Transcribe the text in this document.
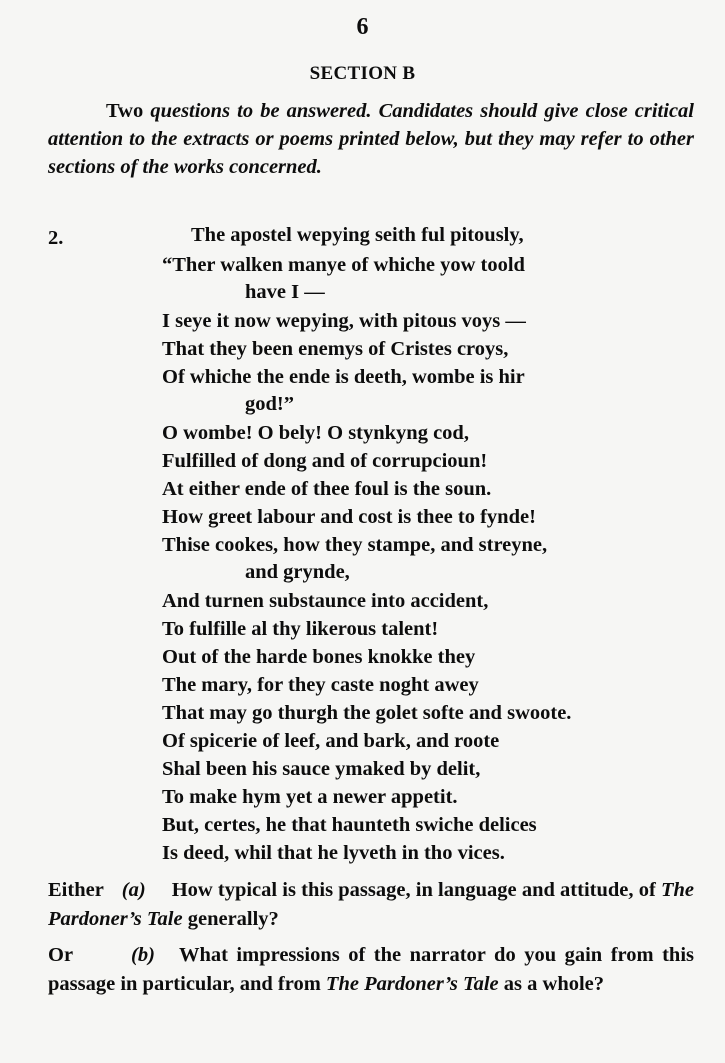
6
SECTION B
Two questions to be answered. Candidates should give close critical attention to the extracts or poems printed below, but they may refer to other sections of the works concerned.
2.	The apostel wepying seith ful pitously,
“Ther walken manye of whiche yow toold
have I —
I seye it now wepying, with pitous voys —
That they been enemys of Cristes croys,
Of whiche the ende is deeth, wombe is hir
god!”
O wombe! O bely! O stynkyng cod,
Fulfilled of dong and of corrupcioun!
At either ende of thee foul is the soun.
How greet labour and cost is thee to fynde!
Thise cookes, how they stampe, and streyne,
and grynde,
And turnen substaunce into accident,
To fulfille al thy likerous talent!
Out of the harde bones knokke they
The mary, for they caste noght awey
That may go thurgh the golet softe and swoote.
Of spicerie of leef, and bark, and roote
Shal been his sauce ymaked by delit,
To make hym yet a newer appetit.
But, certes, he that haunteth swiche delices
Is deed, whil that he lyveth in tho vices.
Either (a) How typical is this passage, in language and attitude, of The Pardoner’s Tale generally?
Or	(b) What impressions of the narrator do you gain from this passage in particular, and from The Pardoner’s Tale as a whole?
